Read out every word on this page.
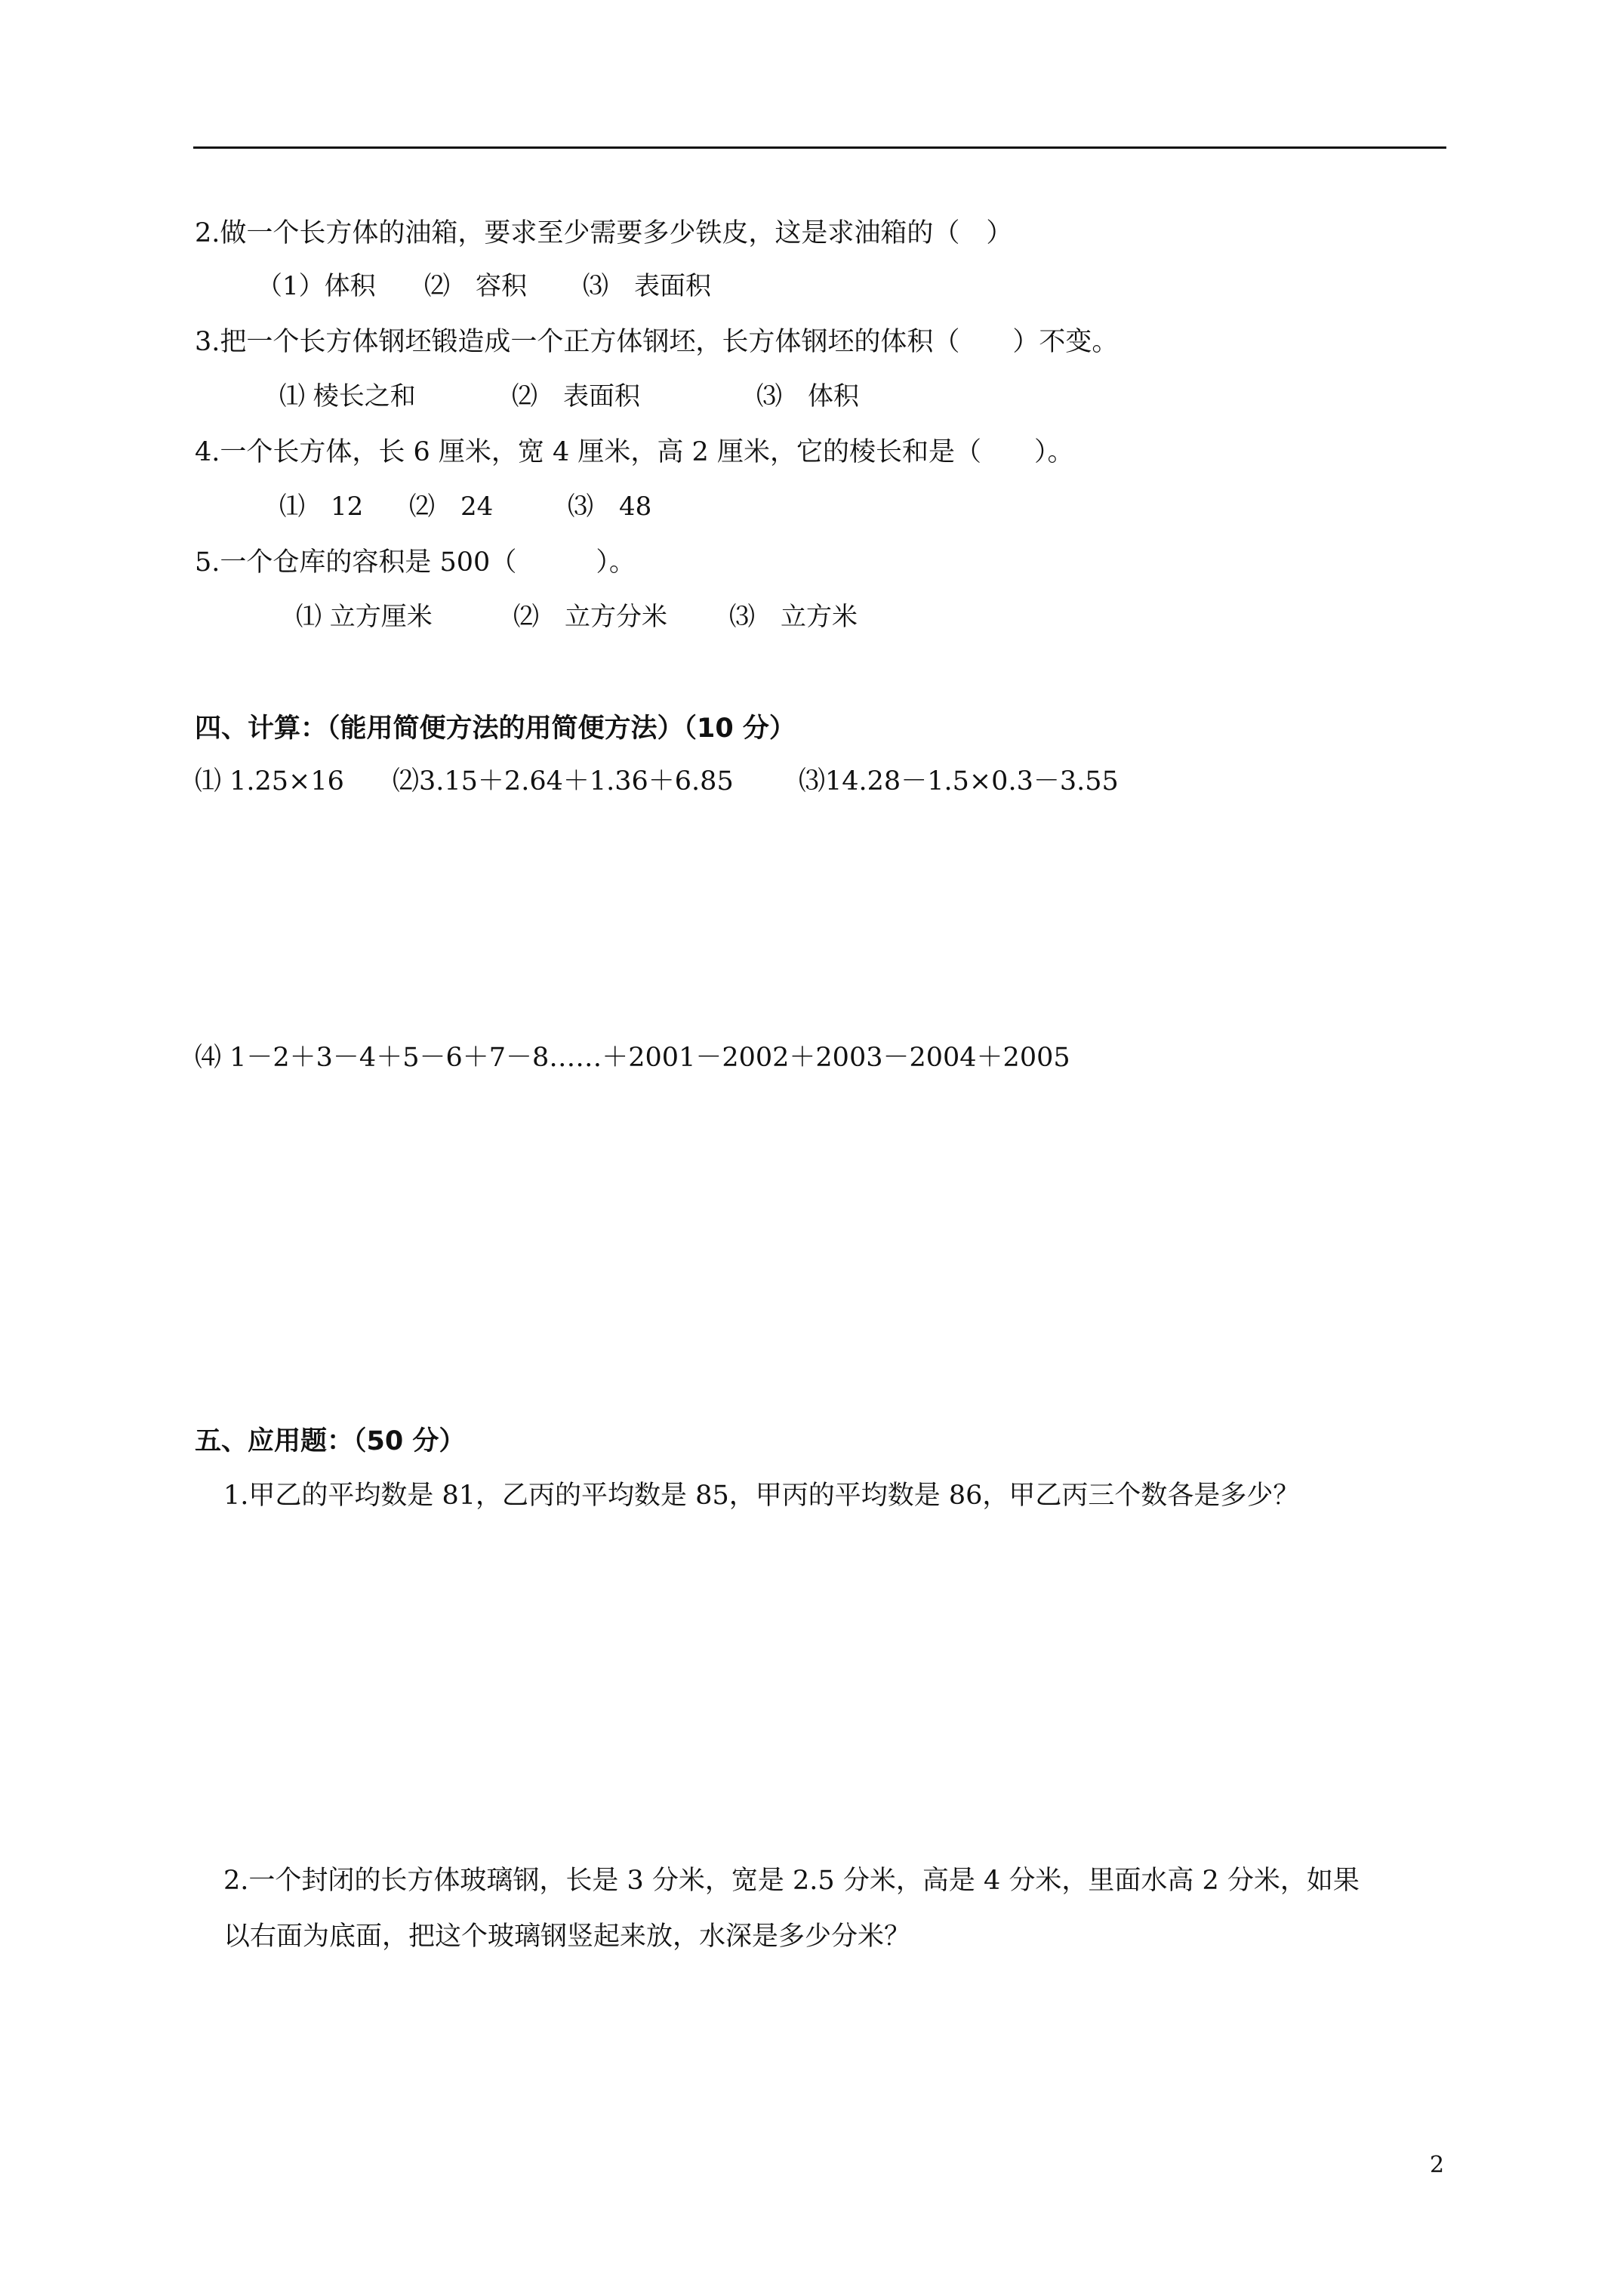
2.做一个长方体的油箱，要求至少需要多少铁皮，这是求油箱的（　）
（1）体积 ⑵　容积 ⑶　表面积
3.把一个长方体钢坯锻造成一个正方体钢坯，长方体钢坯的体积（　　）不变。
⑴ 棱长之和	⑵　表面积	⑶　体积
4.一个长方体，长 6 厘米，宽 4 厘米，高 2 厘米，它的棱长和是（　　）。
⑴　12 ⑵　24	⑶　48
5.一个仓库的容积是 500（　　　）。
⑴ 立方厘米	⑵　立方分米 ⑶　立方米
四、计算：（能用简便方法的用简便方法）（10 分）
⑴ 1.25×16 ⑵3.15＋2.64＋1.36＋6.85 ⑶14.28－1.5×0.3－3.55
⑷ 1－2＋3－4＋5－6＋7－8……＋2001－2002＋2003－2004＋2005
五、应用题：（50 分）
1.甲乙的平均数是 81，乙丙的平均数是 85，甲丙的平均数是 86，甲乙丙三个数各是多少？
2.一个封闭的长方体玻璃钢，长是 3 分米，宽是 2.5 分米，高是 4 分米，里面水高 2 分米，如果
以右面为底面，把这个玻璃钢竖起来放，水深是多少分米？
2
